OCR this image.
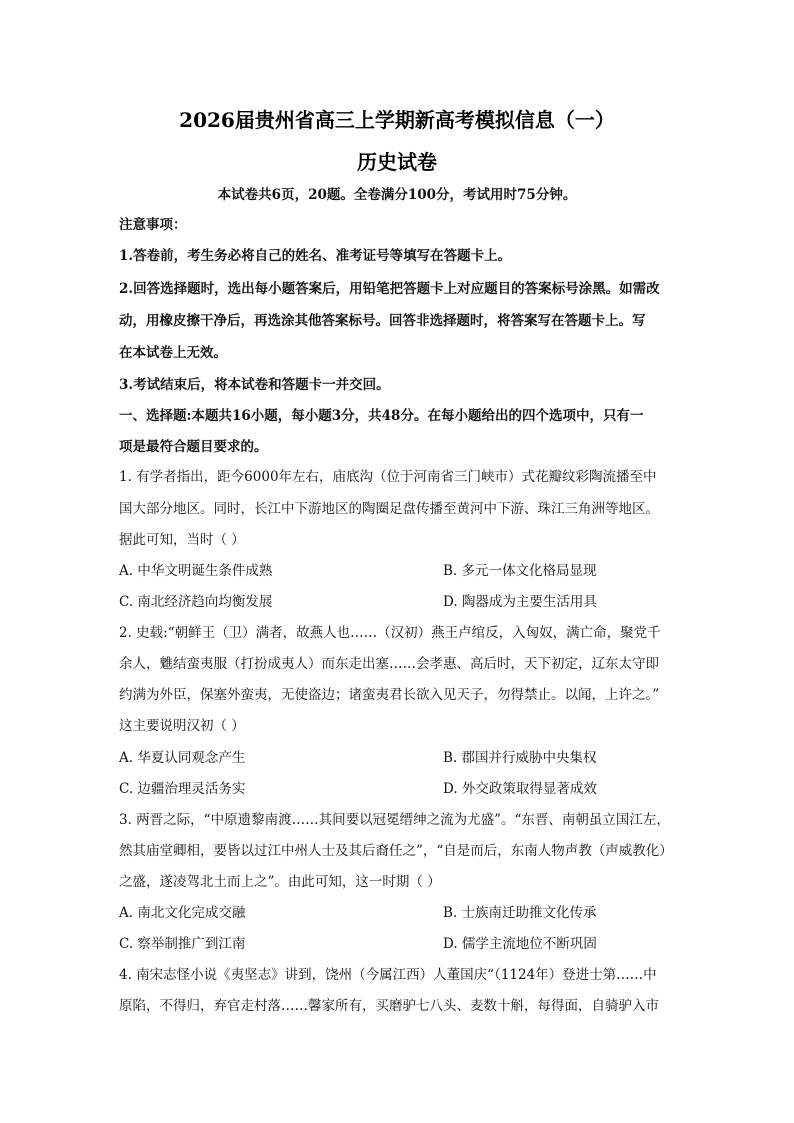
2026届贵州省高三上学期新高考模拟信息（一）
历史试卷
本试卷共6页，20题。全卷满分100分，考试用时75分钟。
注意事项：
1.答卷前，考生务必将自己的姓名、准考证号等填写在答题卡上。
2.回答选择题时，选出每小题答案后，用铅笔把答题卡上对应题目的答案标号涂黑。如需改
动，用橡皮擦干净后，再选涂其他答案标号。回答非选择题时，将答案写在答题卡上。写
在本试卷上无效。
3.考试结束后，将本试卷和答题卡一并交回。
一、选择题:本题共16小题，每小题3分，共48分。在每小题给出的四个选项中，只有一
项是最符合题目要求的。
1. 有学者指出，距今6000年左右，庙底沟（位于河南省三门峡市）式花瓣纹彩陶流播至中
国大部分地区。同时，长江中下游地区的陶圈足盘传播至黄河中下游、珠江三角洲等地区。
据此可知，当时（ ）
A. 中华文明诞生条件成熟	B. 多元一体文化格局显现
C. 南北经济趋向均衡发展	D. 陶器成为主要生活用具
2. 史载:“朝鲜王（卫）满者，故燕人也……（汉初）燕王卢绾反，入匈奴，满亡命，聚党千
余人，魋结蛮夷服（打扮成夷人）而东走出塞……会孝惠、高后时，天下初定，辽东太守即
约满为外臣，保塞外蛮夷，无使盗边；诸蛮夷君长欲入见天子，勿得禁止。以闻，上许之。”
这主要说明汉初（ ）
A. 华夏认同观念产生	B. 郡国并行威胁中央集权
C. 边疆治理灵活务实	D. 外交政策取得显著成效
3. 两晋之际，“中原遗黎南渡……其间要以冠冕缙绅之流为尤盛”。“东晋、南朝虽立国江左，
然其庙堂卿相，要皆以过江中州人士及其后裔任之”，“自是而后，东南人物声教（声威教化）
之盛，遂凌驾北土而上之”。由此可知，这一时期（ ）
A. 南北文化完成交融	B. 士族南迁助推文化传承
C. 察举制推广到江南	D. 儒学主流地位不断巩固
4. 南宋志怪小说《夷坚志》讲到，饶州（今属江西）人董国庆“（1124年）登进士第……中
原陷，不得归，弃官走村落……馨家所有，买磨驴七八头、麦数十斛，每得面，自骑驴入市
